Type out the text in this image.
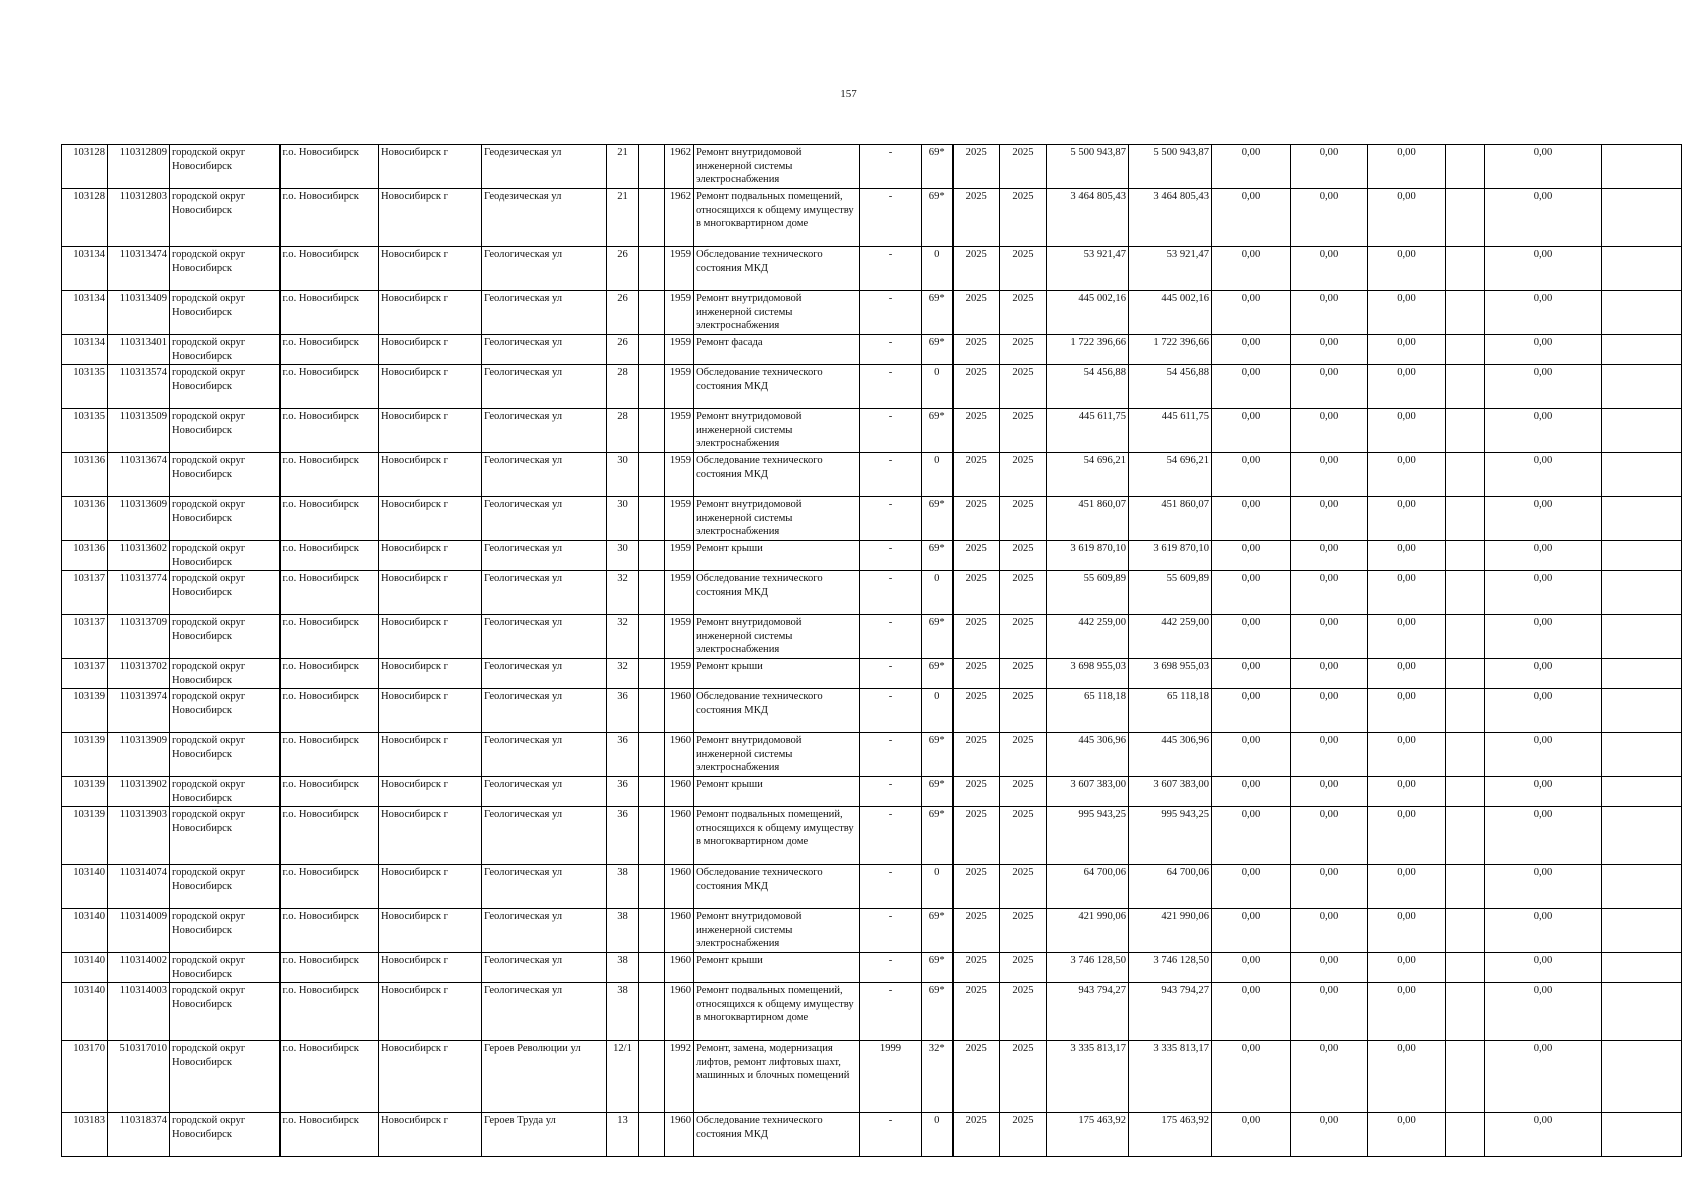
157
103128	110312809	городской округ Новосибирск	г.о. Новосибирск	Новосибирск г	Геодезическая ул	21		1962	Ремонт внутридомовой инженерной системы электроснабжения	-	69*	2025	2025	5 500 943,87	5 500 943,87	0,00	0,00	0,00		0,00	
103128	110312803	городской округ Новосибирск	г.о. Новосибирск	Новосибирск г	Геодезическая ул	21		1962	Ремонт подвальных помещений, относящихся к общему имуществу в многоквартирном доме	-	69*	2025	2025	3 464 805,43	3 464 805,43	0,00	0,00	0,00		0,00	
103134	110313474	городской округ Новосибирск	г.о. Новосибирск	Новосибирск г	Геологическая ул	26		1959	Обследование технического состояния МКД	-	0	2025	2025	53 921,47	53 921,47	0,00	0,00	0,00		0,00	
103134	110313409	городской округ Новосибирск	г.о. Новосибирск	Новосибирск г	Геологическая ул	26		1959	Ремонт внутридомовой инженерной системы электроснабжения	-	69*	2025	2025	445 002,16	445 002,16	0,00	0,00	0,00		0,00	
103134	110313401	городской округ Новосибирск	г.о. Новосибирск	Новосибирск г	Геологическая ул	26		1959	Ремонт фасада	-	69*	2025	2025	1 722 396,66	1 722 396,66	0,00	0,00	0,00		0,00	
103135	110313574	городской округ Новосибирск	г.о. Новосибирск	Новосибирск г	Геологическая ул	28		1959	Обследование технического состояния МКД	-	0	2025	2025	54 456,88	54 456,88	0,00	0,00	0,00		0,00	
103135	110313509	городской округ Новосибирск	г.о. Новосибирск	Новосибирск г	Геологическая ул	28		1959	Ремонт внутридомовой инженерной системы электроснабжения	-	69*	2025	2025	445 611,75	445 611,75	0,00	0,00	0,00		0,00	
103136	110313674	городской округ Новосибирск	г.о. Новосибирск	Новосибирск г	Геологическая ул	30		1959	Обследование технического состояния МКД	-	0	2025	2025	54 696,21	54 696,21	0,00	0,00	0,00		0,00	
103136	110313609	городской округ Новосибирск	г.о. Новосибирск	Новосибирск г	Геологическая ул	30		1959	Ремонт внутридомовой инженерной системы электроснабжения	-	69*	2025	2025	451 860,07	451 860,07	0,00	0,00	0,00		0,00	
103136	110313602	городской округ Новосибирск	г.о. Новосибирск	Новосибирск г	Геологическая ул	30		1959	Ремонт крыши	-	69*	2025	2025	3 619 870,10	3 619 870,10	0,00	0,00	0,00		0,00	
103137	110313774	городской округ Новосибирск	г.о. Новосибирск	Новосибирск г	Геологическая ул	32		1959	Обследование технического состояния МКД	-	0	2025	2025	55 609,89	55 609,89	0,00	0,00	0,00		0,00	
103137	110313709	городской округ Новосибирск	г.о. Новосибирск	Новосибирск г	Геологическая ул	32		1959	Ремонт внутридомовой инженерной системы электроснабжения	-	69*	2025	2025	442 259,00	442 259,00	0,00	0,00	0,00		0,00	
103137	110313702	городской округ Новосибирск	г.о. Новосибирск	Новосибирск г	Геологическая ул	32		1959	Ремонт крыши	-	69*	2025	2025	3 698 955,03	3 698 955,03	0,00	0,00	0,00		0,00	
103139	110313974	городской округ Новосибирск	г.о. Новосибирск	Новосибирск г	Геологическая ул	36		1960	Обследование технического состояния МКД	-	0	2025	2025	65 118,18	65 118,18	0,00	0,00	0,00		0,00	
103139	110313909	городской округ Новосибирск	г.о. Новосибирск	Новосибирск г	Геологическая ул	36		1960	Ремонт внутридомовой инженерной системы электроснабжения	-	69*	2025	2025	445 306,96	445 306,96	0,00	0,00	0,00		0,00	
103139	110313902	городской округ Новосибирск	г.о. Новосибирск	Новосибирск г	Геологическая ул	36		1960	Ремонт крыши	-	69*	2025	2025	3 607 383,00	3 607 383,00	0,00	0,00	0,00		0,00	
103139	110313903	городской округ Новосибирск	г.о. Новосибирск	Новосибирск г	Геологическая ул	36		1960	Ремонт подвальных помещений, относящихся к общему имуществу в многоквартирном доме	-	69*	2025	2025	995 943,25	995 943,25	0,00	0,00	0,00		0,00	
103140	110314074	городской округ Новосибирск	г.о. Новосибирск	Новосибирск г	Геологическая ул	38		1960	Обследование технического состояния МКД	-	0	2025	2025	64 700,06	64 700,06	0,00	0,00	0,00		0,00	
103140	110314009	городской округ Новосибирск	г.о. Новосибирск	Новосибирск г	Геологическая ул	38		1960	Ремонт внутридомовой инженерной системы электроснабжения	-	69*	2025	2025	421 990,06	421 990,06	0,00	0,00	0,00		0,00	
103140	110314002	городской округ Новосибирск	г.о. Новосибирск	Новосибирск г	Геологическая ул	38		1960	Ремонт крыши	-	69*	2025	2025	3 746 128,50	3 746 128,50	0,00	0,00	0,00		0,00	
103140	110314003	городской округ Новосибирск	г.о. Новосибирск	Новосибирск г	Геологическая ул	38		1960	Ремонт подвальных помещений, относящихся к общему имуществу в многоквартирном доме	-	69*	2025	2025	943 794,27	943 794,27	0,00	0,00	0,00		0,00	
103170	510317010	городской округ Новосибирск	г.о. Новосибирск	Новосибирск г	Героев Революции ул	12/1		1992	Ремонт, замена, модернизация лифтов, ремонт лифтовых шахт, машинных и блочных помещений	1999	32*	2025	2025	3 335 813,17	3 335 813,17	0,00	0,00	0,00		0,00	
103183	110318374	городской округ Новосибирск	г.о. Новосибирск	Новосибирск г	Героев Труда ул	13		1960	Обследование технического состояния МКД	-	0	2025	2025	175 463,92	175 463,92	0,00	0,00	0,00		0,00	
